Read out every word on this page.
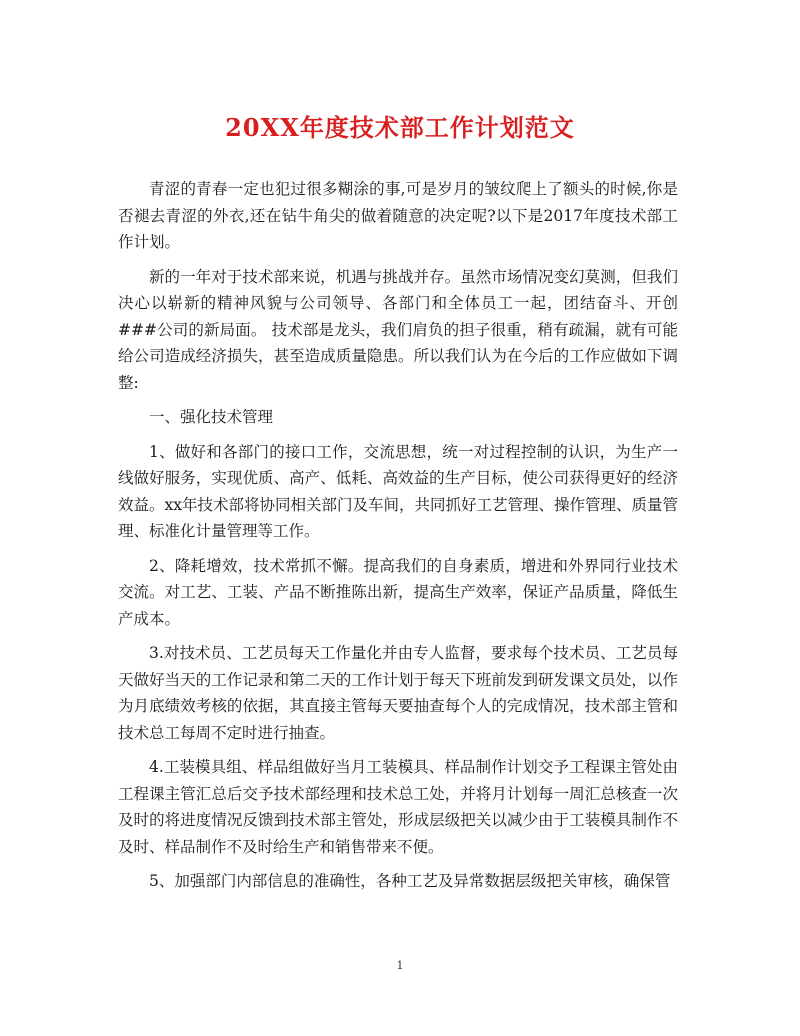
20XX年度技术部工作计划范文

青涩的青春一定也犯过很多糊涂的事,可是岁月的皱纹爬上了额头的时候,你是否褪去青涩的外衣,还在钻牛角尖的做着随意的决定呢?以下是2017年度技术部工作计划。

新的一年对于技术部来说，机遇与挑战并存。虽然市场情况变幻莫测，但我们决心以崭新的精神风貌与公司领导、各部门和全体员工一起，团结奋斗、开创###公司的新局面。 技术部是龙头，我们肩负的担子很重，稍有疏漏，就有可能给公司造成经济损失，甚至造成质量隐患。所以我们认为在今后的工作应做如下调整:

一、强化技术管理

1、做好和各部门的接口工作，交流思想，统一对过程控制的认识，为生产一线做好服务，实现优质、高产、低耗、高效益的生产目标，使公司获得更好的经济效益。xx年技术部将协同相关部门及车间，共同抓好工艺管理、操作管理、质量管理、标准化计量管理等工作。

2、降耗增效，技术常抓不懈。提高我们的自身素质，增进和外界同行业技术交流。对工艺、工装、产品不断推陈出新，提高生产效率，保证产品质量，降低生产成本。

3.对技术员、工艺员每天工作量化并由专人监督，要求每个技术员、工艺员每天做好当天的工作记录和第二天的工作计划于每天下班前发到研发课文员处，以作为月底绩效考核的依据，其直接主管每天要抽查每个人的完成情况，技术部主管和技术总工每周不定时进行抽查。

4.工装模具组、样品组做好当月工装模具、样品制作计划交予工程课主管处由工程课主管汇总后交予技术部经理和技术总工处，并将月计划每一周汇总核查一次及时的将进度情况反馈到技术部主管处，形成层级把关以减少由于工装模具制作不及时、样品制作不及时给生产和销售带来不便。

5、加强部门内部信息的准确性，各种工艺及异常数据层级把关审核，确保管

1
